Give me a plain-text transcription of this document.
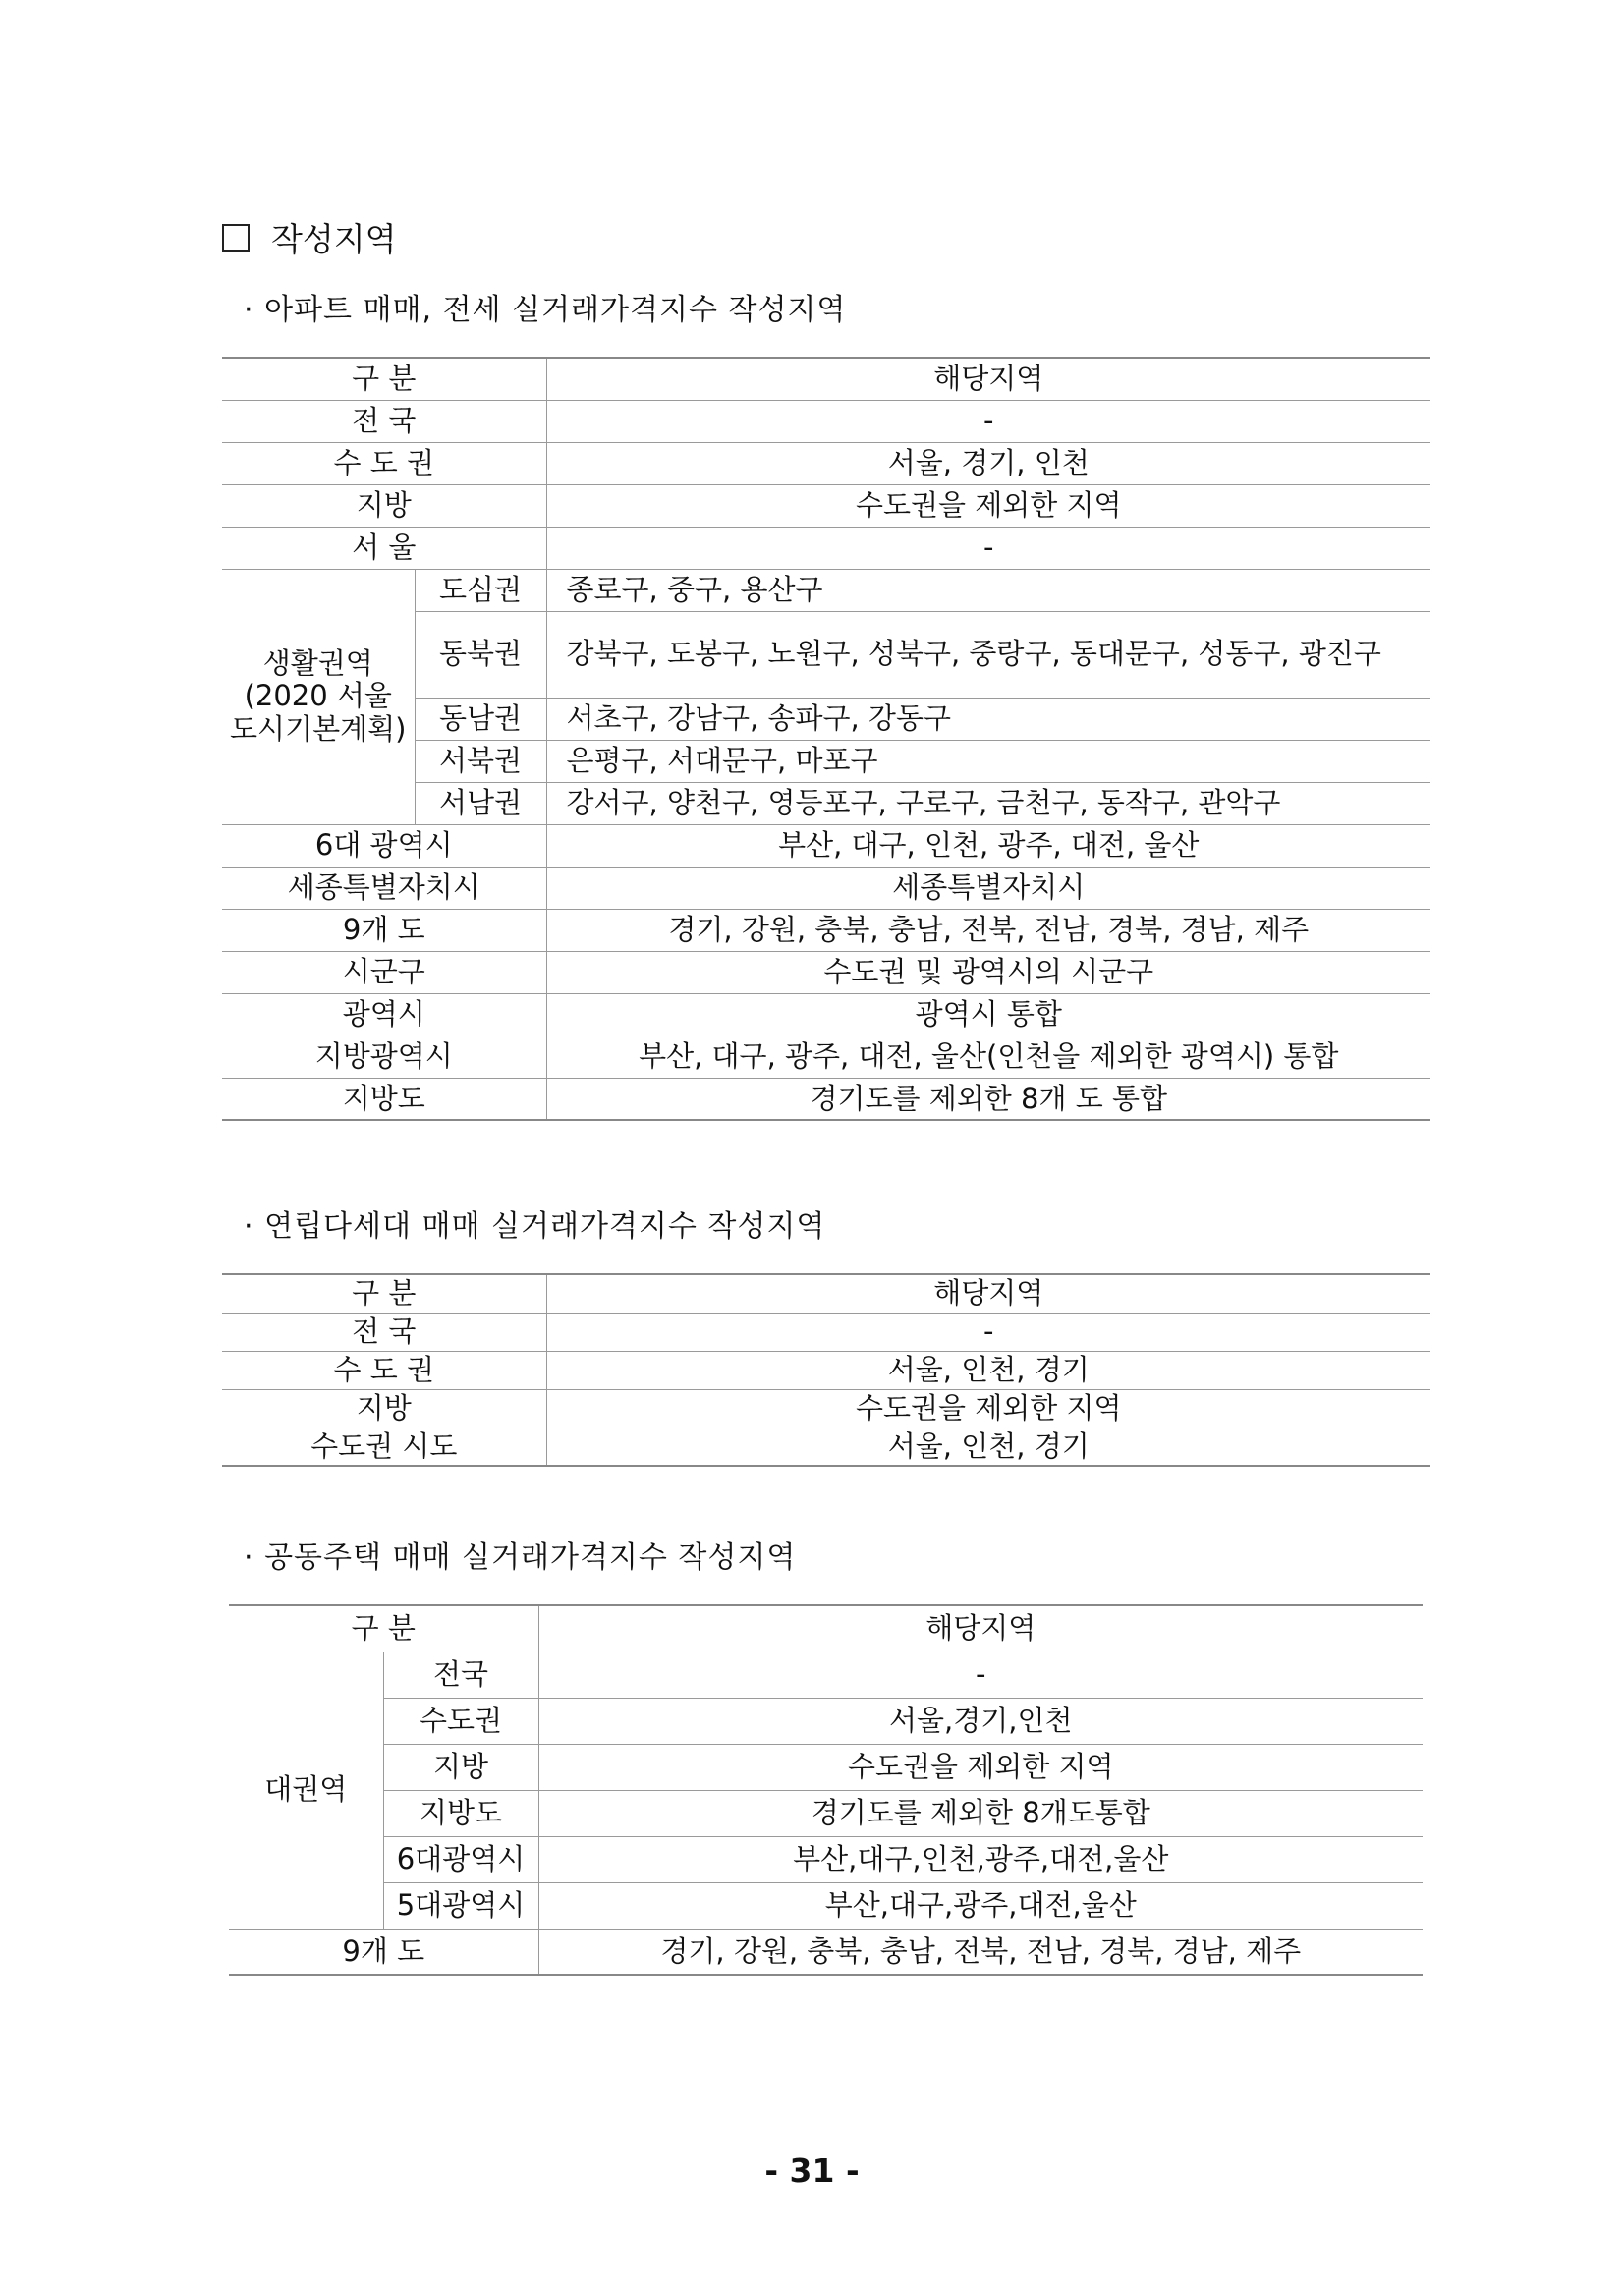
작성지역
· 아파트 매매, 전세 실거래가격지수 작성지역
구 분		해당지역
전 국		-
수 도 권		서울, 경기, 인천
지방		수도권을 제외한 지역
서 울		-
생활권역
(2020 서울
도시기본계획)	도심권	종로구, 중구, 용산구
	동북권	강북구, 도봉구, 노원구, 성북구, 중랑구, 동대문구, 성동구, 광진구
	동남권	서초구, 강남구, 송파구, 강동구
	서북권	은평구, 서대문구, 마포구
	서남권	강서구, 양천구, 영등포구, 구로구, 금천구, 동작구, 관악구
6대 광역시		부산, 대구, 인천, 광주, 대전, 울산
세종특별자치시		세종특별자치시
9개 도		경기, 강원, 충북, 충남, 전북, 전남, 경북, 경남, 제주
시군구		수도권 및 광역시의 시군구
광역시		광역시 통합
지방광역시		부산, 대구, 광주, 대전, 울산(인천을 제외한 광역시) 통합
지방도		경기도를 제외한 8개 도 통합
· 연립다세대 매매 실거래가격지수 작성지역
구 분	해당지역
전 국	-
수 도 권	서울, 인천, 경기
지방	수도권을 제외한 지역
수도권 시도	서울, 인천, 경기
· 공동주택 매매 실거래가격지수 작성지역
구 분		해당지역
대권역	전국	-
	수도권	서울,경기,인천
	지방	수도권을 제외한 지역
	지방도	경기도를 제외한 8개도통합
	6대광역시	부산,대구,인천,광주,대전,울산
	5대광역시	부산,대구,광주,대전,울산
9개 도		경기, 강원, 충북, 충남, 전북, 전남, 경북, 경남, 제주
- 31 -
